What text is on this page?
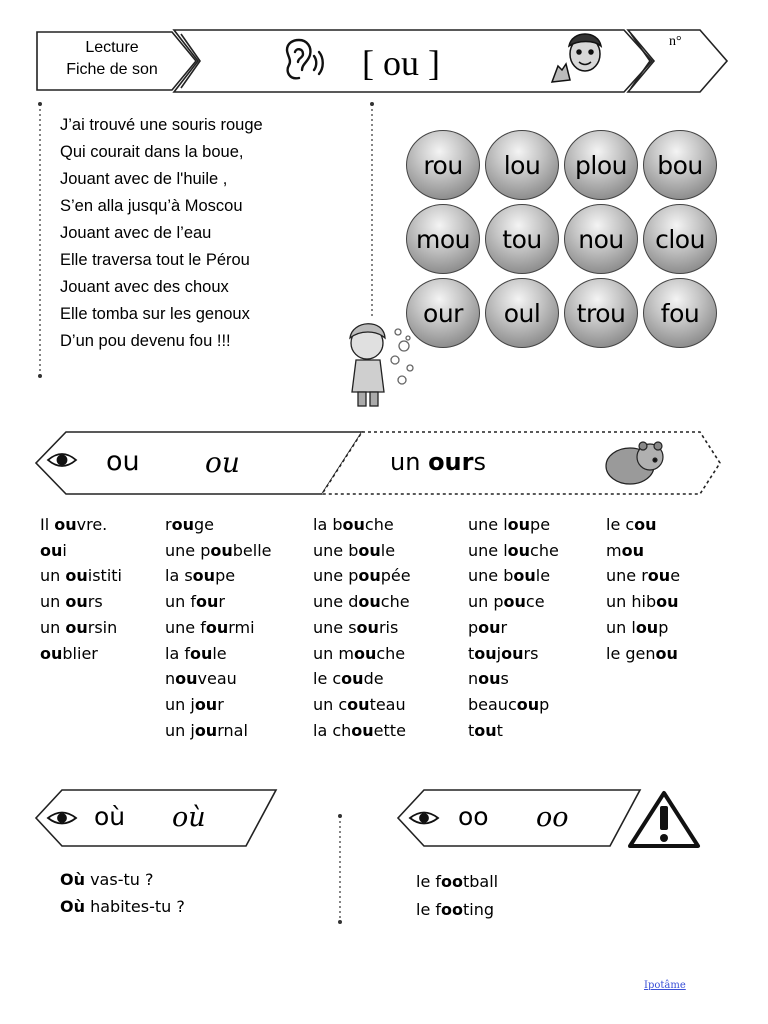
Lecture
Fiche de son	[ ou ]
n°
J’ai trouvé une souris rouge
Qui courait dans la boue,
Jouant avec de l'huile ,
S’en alla jusqu’à Moscou
Jouant avec de l’eau
Elle traversa tout le Pérou
Jouant avec des choux
Elle tomba sur les genoux
D’un pou devenu fou !!!
rou	lou	plou	bou
mou	tou	nou	clou
our	oul	trou	fou
ou ou	un ours
Il ouvre.
oui
un ouistiti
un ours
un oursin
oublier
rouge
une poubelle
la soupe
un four
une fourmi
la foule
nouveau
un jour
un journal
la bouche
une boule
une poupée
une douche
une souris
un mouche
le coude
un couteau
la chouette
une loupe
une louche
une boule
un pouce
pour
toujours
nous
beaucoup
tout
le cou
mou
une roue
un hibou
un loup
le genou
où où
Où vas-tu ?
Où habites-tu ?
oo oo
le football
le footing
Ipotâme
